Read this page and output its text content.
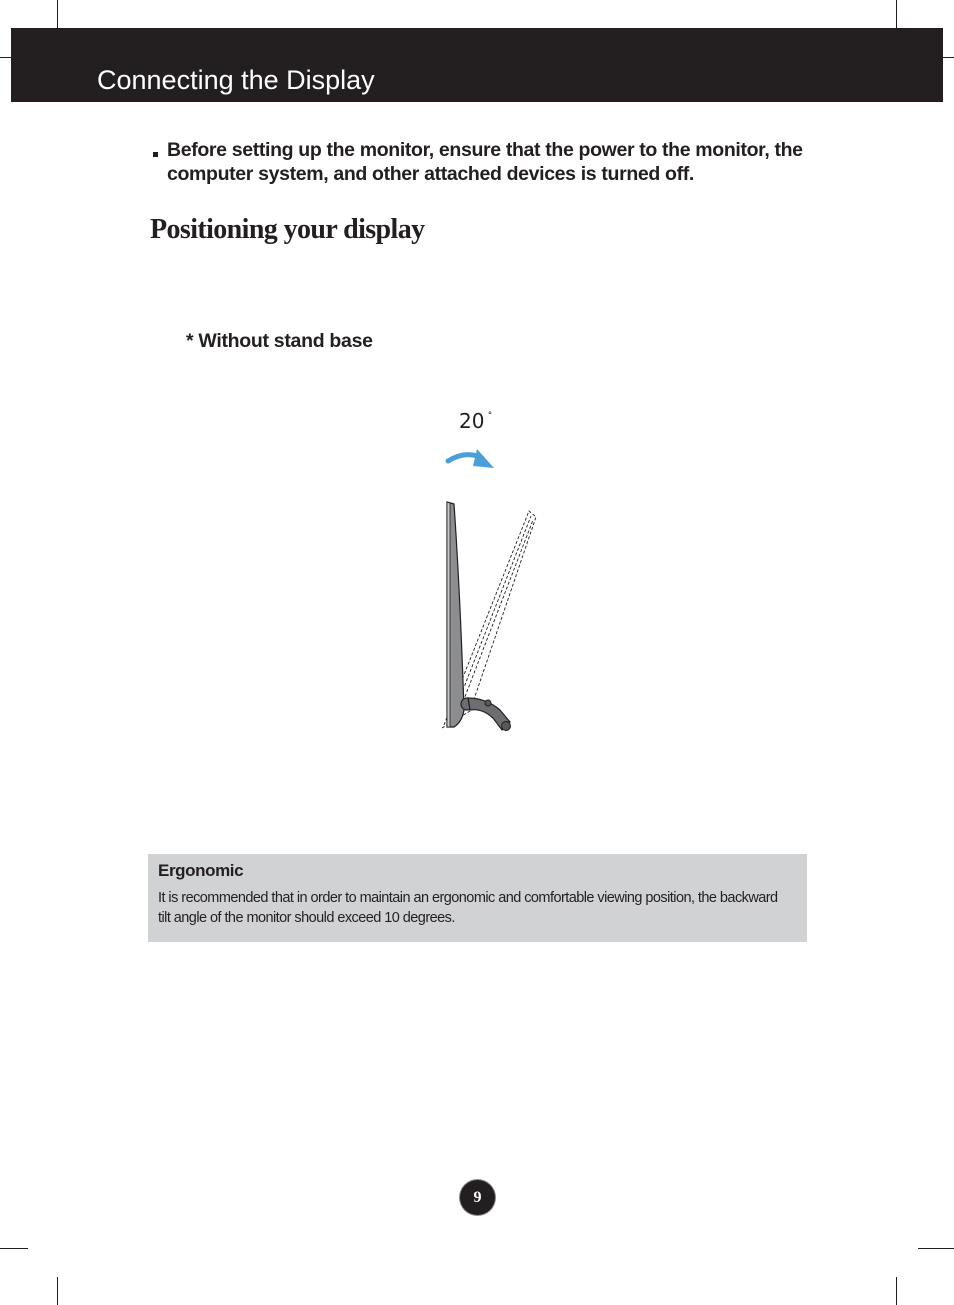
Connecting the Display

Before setting up the monitor, ensure that the power to the monitor, the computer system, and other attached devices is turned off.

Positioning your display
* Without stand base
20 ˚
Ergonomic

It is recommended that in order to maintain an ergonomic and comfortable viewing position, the backward tilt angle of the monitor should exceed 10 degrees.

9
